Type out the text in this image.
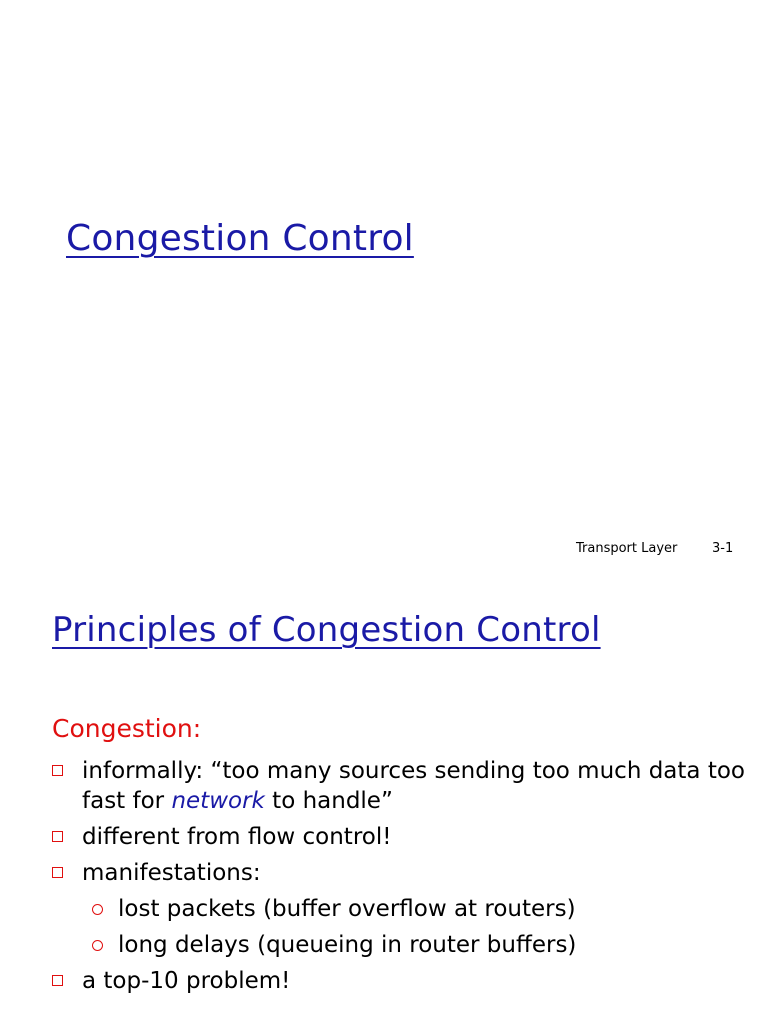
Congestion Control
Transport Layer	3-1
Principles of Congestion Control
Congestion:
informally: “too many sources sending too much data too fast for network to handle”
different from flow control!
manifestations:
lost packets (buffer overflow at routers)
long delays (queueing in router buffers)
a top-10 problem!
